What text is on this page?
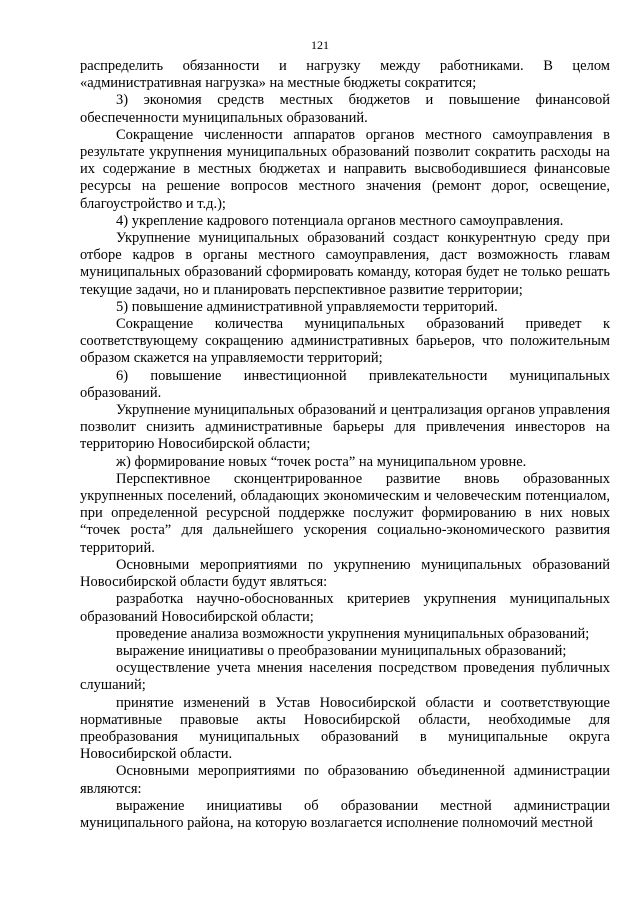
121

распределить обязанности и нагрузку между работниками. В целом «административная нагрузка» на местные бюджеты сократится;

3) экономия средств местных бюджетов и повышение финансовой обеспеченности муниципальных образований.

Сокращение численности аппаратов органов местного самоуправления в результате укрупнения муниципальных образований позволит сократить расходы на их содержание в местных бюджетах и направить высвободившиеся финансовые ресурсы на решение вопросов местного значения (ремонт дорог, освещение, благоустройство и т.д.);

4) укрепление кадрового потенциала органов местного самоуправления.

Укрупнение муниципальных образований создаст конкурентную среду при отборе кадров в органы местного самоуправления, даст возможность главам муниципальных образований сформировать команду, которая будет не только решать текущие задачи, но и планировать перспективное развитие территории;

5) повышение административной управляемости территорий.

Сокращение количества муниципальных образований приведет к соответствующему сокращению административных барьеров, что положительным образом скажется на управляемости территорий;

6) повышение инвестиционной привлекательности муниципальных образований.

Укрупнение муниципальных образований и централизация органов управления позволит снизить административные барьеры для привлечения инвесторов на территорию Новосибирской области;

ж) формирование новых “точек роста” на муниципальном уровне.

Перспективное сконцентрированное развитие вновь образованных укрупненных поселений, обладающих экономическим и человеческим потенциалом, при определенной ресурсной поддержке послужит формированию в них новых “точек роста” для дальнейшего ускорения социально-экономического развития территорий.

Основными мероприятиями по укрупнению муниципальных образований Новосибирской области будут являться:

разработка научно-обоснованных критериев укрупнения муниципальных образований Новосибирской области;

проведение анализа возможности укрупнения муниципальных образований;

выражение инициативы о преобразовании муниципальных образований;

осуществление учета мнения населения посредством проведения публичных слушаний;

принятие изменений в Устав Новосибирской области и соответствующие нормативные правовые акты Новосибирской области, необходимые для преобразования муниципальных образований в муниципальные округа Новосибирской области.

Основными мероприятиями по образованию объединенной администрации являются:

выражение инициативы об образовании местной администрации муниципального района, на которую возлагается исполнение полномочий местной
